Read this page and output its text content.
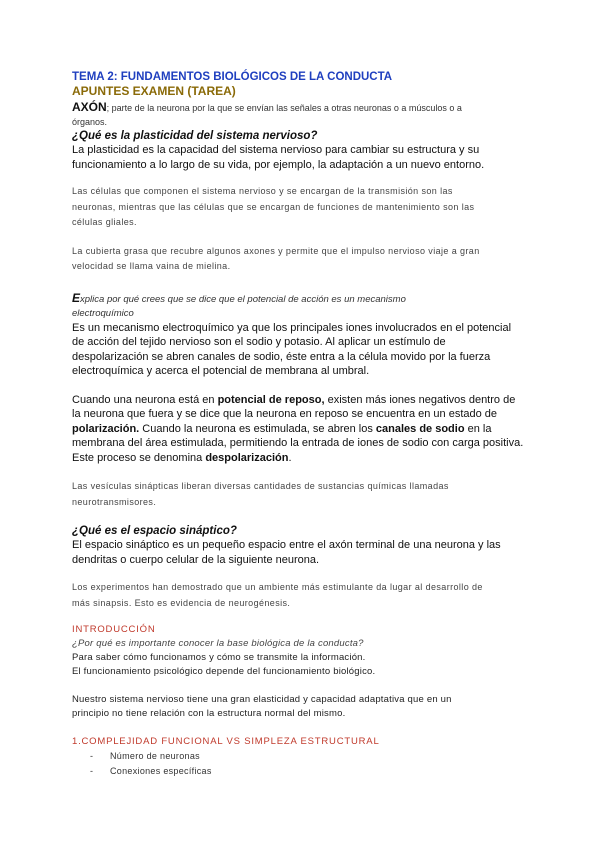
TEMA 2: FUNDAMENTOS BIOLÓGICOS DE LA CONDUCTA

APUNTES EXAMEN (TAREA)

AXÓN; parte de la neurona por la que se envían las señales a otras neuronas o a músculos o a
órganos.

¿Qué es la plasticidad del sistema nervioso?

La plasticidad es la capacidad del sistema nervioso para cambiar su estructura y su
funcionamiento a lo largo de su vida, por ejemplo, la adaptación a un nuevo entorno.

Las células que componen el sistema nervioso y se encargan de la transmisión son las
neuronas, mientras que las células que se encargan de funciones de mantenimiento son las
células gliales.

La cubierta grasa que recubre algunos axones y permite que el impulso nervioso viaje a gran
velocidad se llama vaina de mielina.

Explica por qué crees que se dice que el potencial de acción es un mecanismo
electroquímico

Es un mecanismo electroquímico ya que los principales iones involucrados en el potencial
de acción del tejido nervioso son el sodio y potasio. Al aplicar un estímulo de
despolarización se abren canales de sodio, éste entra a la célula movido por la fuerza
electroquímica y acerca el potencial de membrana al umbral.

Cuando una neurona está en potencial de reposo, existen más iones negativos dentro de
la neurona que fuera y se dice que la neurona en reposo se encuentra en un estado de
polarización. Cuando la neurona es estimulada, se abren los canales de sodio en la
membrana del área estimulada, permitiendo la entrada de iones de sodio con carga positiva.
Este proceso se denomina despolarización.

Las vesículas sinápticas liberan diversas cantidades de sustancias químicas llamadas
neurotransmisores.

¿Qué es el espacio sináptico?

El espacio sináptico es un pequeño espacio entre el axón terminal de una neurona y las
dendritas o cuerpo celular de la siguiente neurona.

Los experimentos han demostrado que un ambiente más estimulante da lugar al desarrollo de
más sinapsis. Esto es evidencia de neurogénesis.

INTRODUCCIÓN

¿Por qué es importante conocer la base biológica de la conducta?

Para saber cómo funcionamos y cómo se transmite la información.
El funcionamiento psicológico depende del funcionamiento biológico.

Nuestro sistema nervioso tiene una gran elasticidad y capacidad adaptativa que en un
principio no tiene relación con la estructura normal del mismo.

1.COMPLEJIDAD FUNCIONAL VS SIMPLEZA ESTRUCTURAL

- Número de neuronas
- Conexiones específicas
